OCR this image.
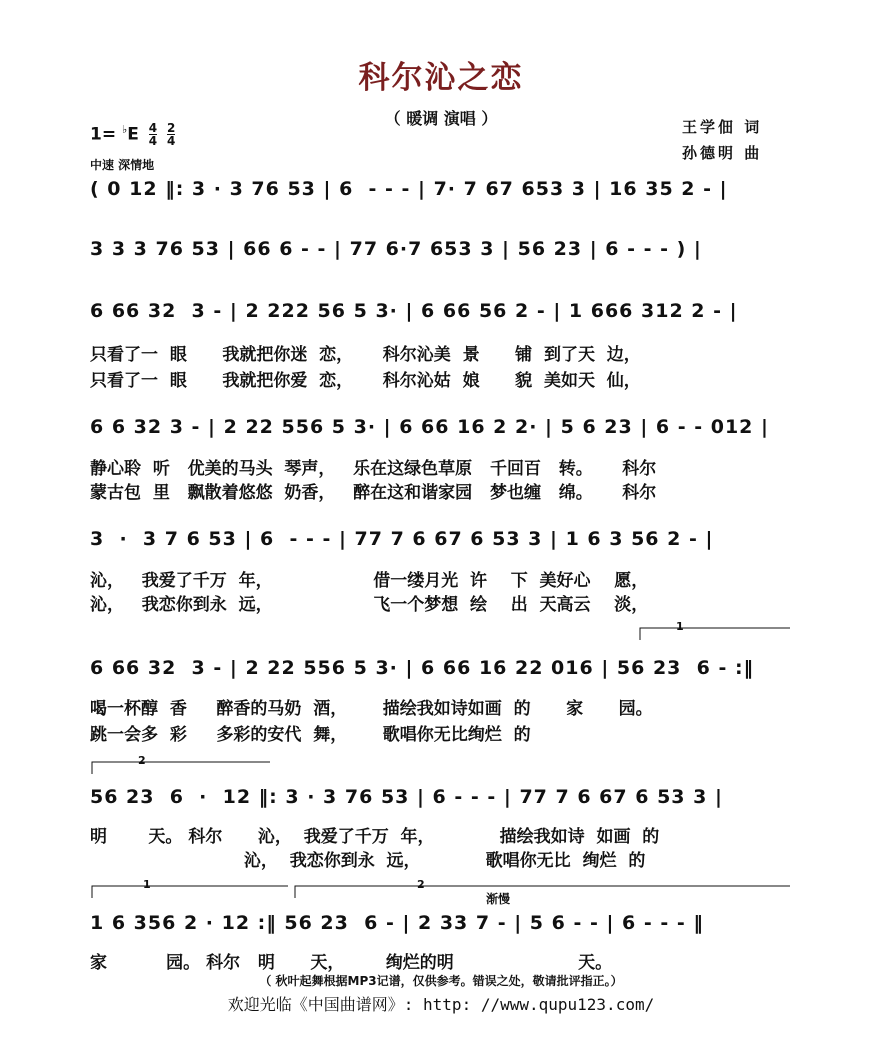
科尔沁之恋
（ 暖调 演唱 ）
$1= ^♭E \frac{4}{4}$
$\frac{2}{4}$
中速 深情地
王学佃 词
孙德明 曲
( 0 12 ‖: 3 · 3 76 53 | 6  - - - | 7· 7 67 653 3 | 16 35 2 - |
3 3 3 76 53 | 66 6 - - | 77 6·7 653 3 | 56 23 | 6 - - - ) |
6 66 32  3 - | 2 222 56 5 3· | 6 66 56 2 - | 1 666 312 2 - |
只看了一  眼      我就把你迷  恋，     科尔沁美  景      铺  到了天  边，
只看了一  眼      我就把你爱  恋，     科尔沁姑  娘      貌  美如天  仙，
6 6 32 3 - | 2 22 556 5 3· | 6 66 16 2 2· | 5 6 23 | 6 - - 012 |
静心聆  听   优美的马头  琴声，   乐在这绿色草原   千回百   转。     科尔
蒙古包  里   飘散着悠悠  奶香，   醉在这和谐家园   梦也缠   绵。     科尔
3  ·  3 7 6 53 | 6  - - - | 77 7 6 67 6 53 3 | 1 6 3 56 2 - |
沁，   我爱了千万  年，                 借一缕月光  许    下  美好心    愿，
沁，   我恋你到永  远，                 飞一个梦想  绘    出  天高云    淡，
6 66 32  3 - | 2 22 556 5 3· | 6 66 16 22 016 | 56 23  6 - :‖
喝一杯醇  香     醉香的马奶  酒，      描绘我如诗如画  的      家      园。
跳一会多  彩     多彩的安代  舞，      歌唱你无比绚烂  的
56 23  6  ·  12 ‖: 3 · 3 76 53 | 6 - - - | 77 7 6 67 6 53 3 |
明       天。 科尔      沁，  我爱了千万  年，           描绘我如诗  如画  的
沁，  我恋你到永  远，           歌唱你无比  绚烂  的
1 6 356 2 · 12 :‖ 56 23  6 - | 2 33 7 - | 5 6 - - | 6 - - - ‖
家          园。 科尔   明      天，       绚烂的明                     天。
1
2
1	2
渐慢
（ 秋叶起舞根据MP3记谱，仅供参考。错误之处，敬请批评指正。）
欢迎光临《中国曲谱网》: http: //www.qupu123.com/
